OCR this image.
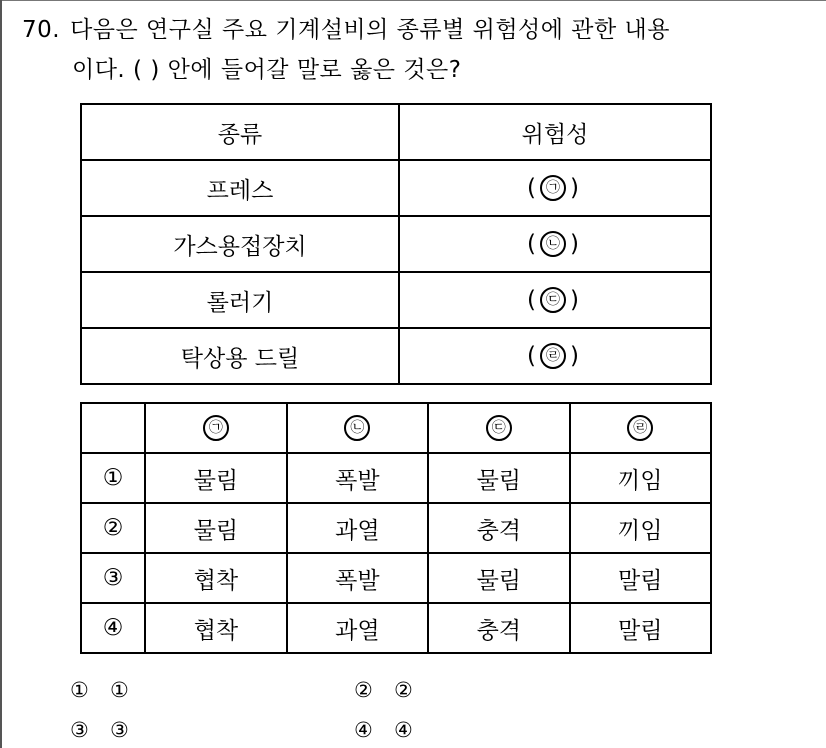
70. 다음은 연구실 주요 기계설비의 종류별 위험성에 관한 내용
이다. ( ) 안에 들어갈 말로 옳은 것은?
종류	위험성
프레스	( ㉠ )
가스용접장치	( ㉡ )
롤러기	( ㉢ )
탁상용 드릴	( ㉣ )
	㉠	㉡	㉢	㉣
①	물림	폭발	물림	끼임
②	물림	과열	충격	끼임
③	협착	폭발	물림	말림
④	협착	과열	충격	말림
① ①	② ②
③ ③	④ ④
